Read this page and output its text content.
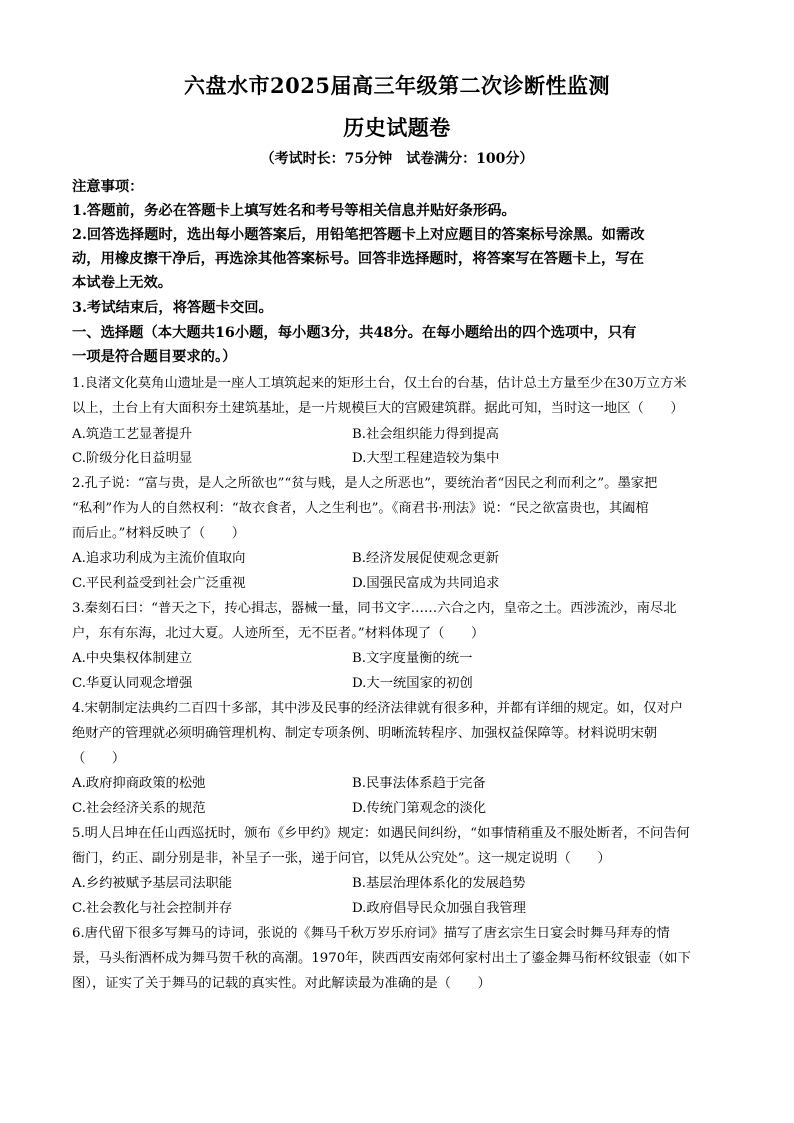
六盘水市2025届高三年级第二次诊断性监测
历史试题卷
（考试时长：75分钟　试卷满分：100分）
注意事项：
1.答题前，务必在答题卡上填写姓名和考号等相关信息并贴好条形码。
2.回答选择题时，选出每小题答案后，用铅笔把答题卡上对应题目的答案标号涂黑。如需改
动，用橡皮擦干净后，再选涂其他答案标号。回答非选择题时，将答案写在答题卡上，写在
本试卷上无效。
3.考试结束后，将答题卡交回。
一、选择题（本大题共16小题，每小题3分，共48分。在每小题给出的四个选项中，只有
一项是符合题目要求的。）
1.良渚文化莫角山遗址是一座人工填筑起来的矩形土台，仅土台的台基，估计总土方量至少在30万立方米
以上，土台上有大面积夯土建筑基址，是一片规模巨大的宫殿建筑群。据此可知，当时这一地区（　　）
A.筑造工艺显著提升	B.社会组织能力得到提高
C.阶级分化日益明显	D.大型工程建造较为集中
2.孔子说：“富与贵，是人之所欲也”“贫与贱，是人之所恶也”，要统治者“因民之利而利之”。墨家把
“私利”作为人的自然权利：“故衣食者，人之生利也”。《商君书·刑法》说：“民之欲富贵也，其阖棺
而后止。”材料反映了（　　）
A.追求功利成为主流价值取向	B.经济发展促使观念更新
C.平民利益受到社会广泛重视	D.国强民富成为共同追求
3.秦刻石曰：“普天之下，抟心揖志，器械一量，同书文字……六合之内，皇帝之土。西涉流沙，南尽北
户，东有东海，北过大夏。人迹所至，无不臣者。”材料体现了（　　）
A.中央集权体制建立	B.文字度量衡的统一
C.华夏认同观念增强	D.大一统国家的初创
4.宋朝制定法典约二百四十多部，其中涉及民事的经济法律就有很多种，并都有详细的规定。如，仅对户
绝财产的管理就必须明确管理机构、制定专项条例、明晰流转程序、加强权益保障等。材料说明宋朝
（　　）
A.政府抑商政策的松弛	B.民事法体系趋于完备
C.社会经济关系的规范	D.传统门第观念的淡化
5.明人吕坤在任山西巡抚时，颁布《乡甲约》规定：如遇民间纠纷，“如事情稍重及不服处断者，不问告何
衙门，约正、副分别是非，补呈子一张，递于问官，以凭从公究处”。这一规定说明（　　）
A.乡约被赋予基层司法职能	B.基层治理体系化的发展趋势
C.社会教化与社会控制并存	D.政府倡导民众加强自我管理
6.唐代留下很多写舞马的诗词，张说的《舞马千秋万岁乐府词》描写了唐玄宗生日宴会时舞马拜寿的情
景，马头衔酒杯成为舞马贺千秋的高潮。1970年，陕西西安南郊何家村出土了鎏金舞马衔杯纹银壶（如下
图），证实了关于舞马的记载的真实性。对此解读最为准确的是（　　）
